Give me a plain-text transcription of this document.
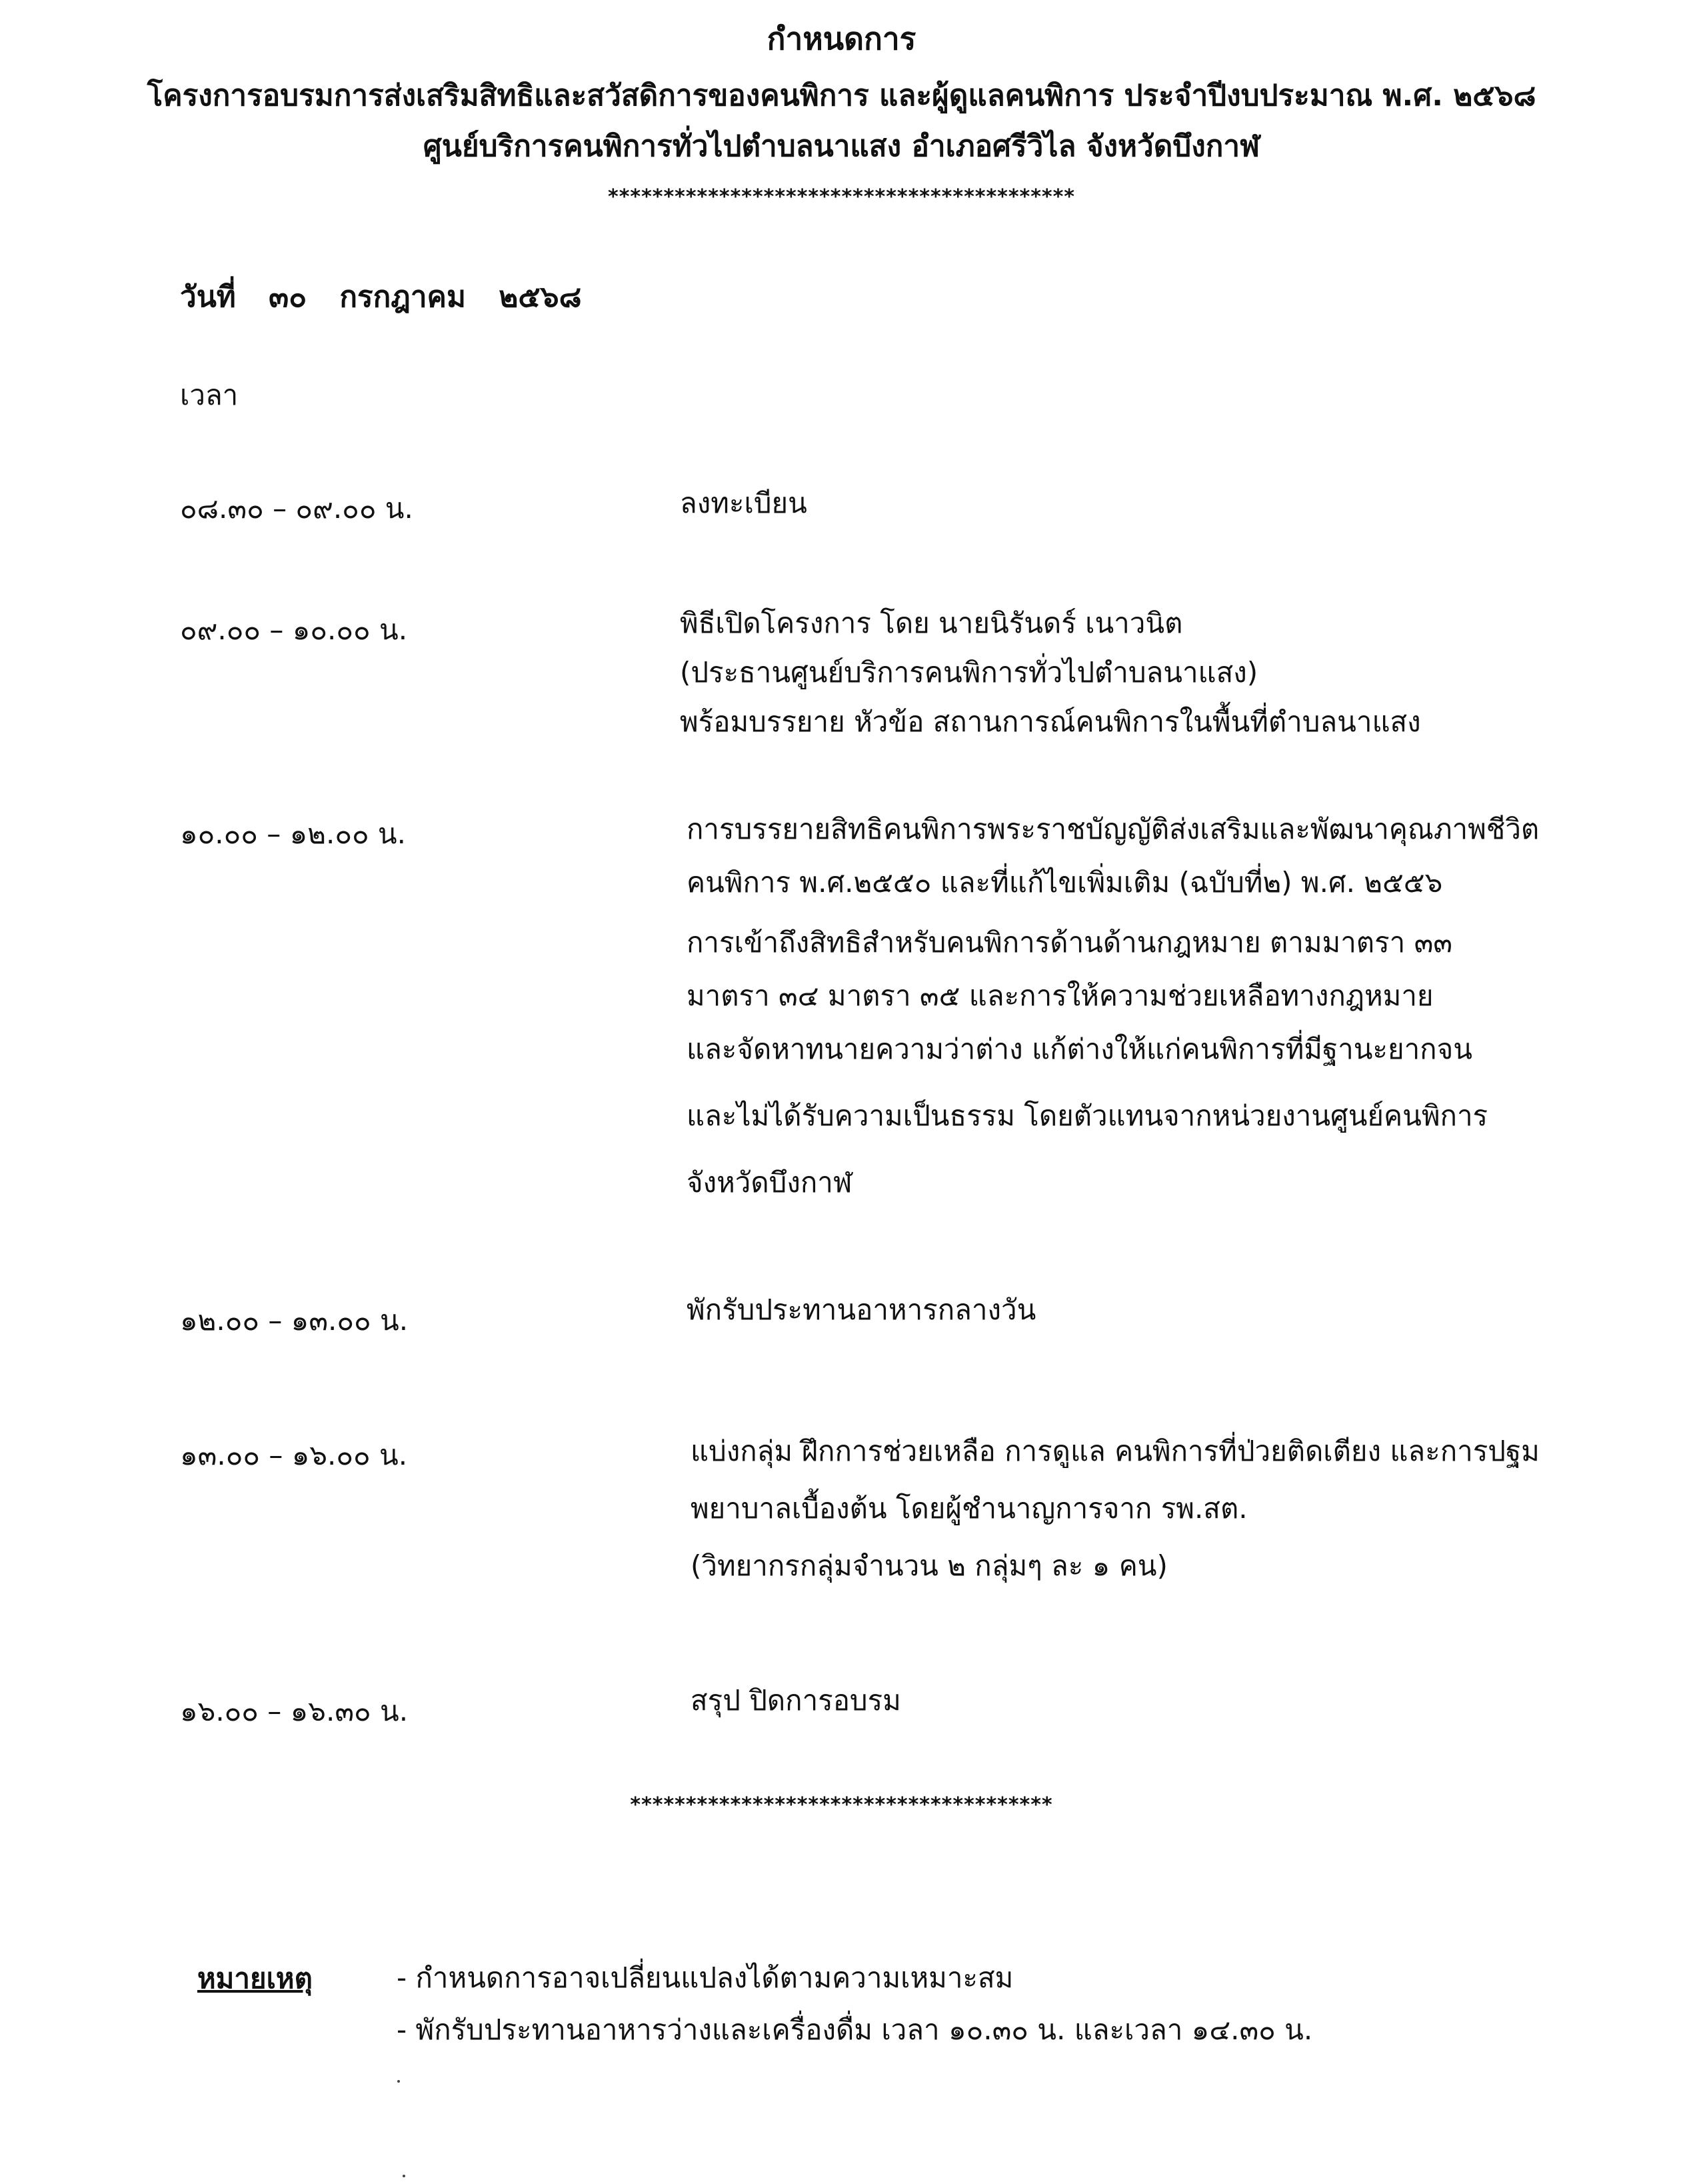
กำหนดการ
โครงการอบรมการส่งเสริมสิทธิและสวัสดิการของคนพิการ และผู้ดูแลคนพิการ ประจำปีงบประมาณ พ.ศ. ๒๕๖๘
ศูนย์บริการคนพิการทั่วไปตำบลนาแสง อำเภอศรีวิไล จังหวัดบึงกาฬ
******************************************
วันที่ ๓๐ กรกฎาคม ๒๕๖๘
เวลา
๐๘.๓๐ – ๐๙.๐๐ น.	ลงทะเบียน
๐๙.๐๐ – ๑๐.๐๐ น.	พิธีเปิดโครงการ โดย นายนิรันดร์ เนาวนิต
(ประธานศูนย์บริการคนพิการทั่วไปตำบลนาแสง)
พร้อมบรรยาย หัวข้อ สถานการณ์คนพิการในพื้นที่ตำบลนาแสง
๑๐.๐๐ – ๑๒.๐๐ น.	การบรรยายสิทธิคนพิการพระราชบัญญัติส่งเสริมและพัฒนาคุณภาพชีวิต
คนพิการ พ.ศ.๒๕๕๐ และที่แก้ไขเพิ่มเติม (ฉบับที่๒) พ.ศ. ๒๕๕๖
การเข้าถึงสิทธิสำหรับคนพิการด้านด้านกฎหมาย ตามมาตรา ๓๓
มาตรา ๓๔ มาตรา ๓๕ และการให้ความช่วยเหลือทางกฎหมาย
และจัดหาทนายความว่าต่าง แก้ต่างให้แก่คนพิการที่มีฐานะยากจน
และไม่ได้รับความเป็นธรรม โดยตัวแทนจากหน่วยงานศูนย์คนพิการ
จังหวัดบึงกาฬ
๑๒.๐๐ – ๑๓.๐๐ น.	พักรับประทานอาหารกลางวัน
๑๓.๐๐ – ๑๖.๐๐ น.	แบ่งกลุ่ม ฝึกการช่วยเหลือ การดูแล คนพิการที่ป่วยติดเตียง และการปฐม
พยาบาลเบื้องต้น โดยผู้ชำนาญการจาก รพ.สต.
(วิทยากรกลุ่มจำนวน ๒ กลุ่มๆ ละ ๑ คน)
๑๖.๐๐ – ๑๖.๓๐ น.	สรุป ปิดการอบรม
**************************************
หมายเหตุ	- กำหนดการอาจเปลี่ยนแปลงได้ตามความเหมาะสม
- พักรับประทานอาหารว่างและเครื่องดื่ม เวลา ๑๐.๓๐ น. และเวลา ๑๔.๓๐ น.
